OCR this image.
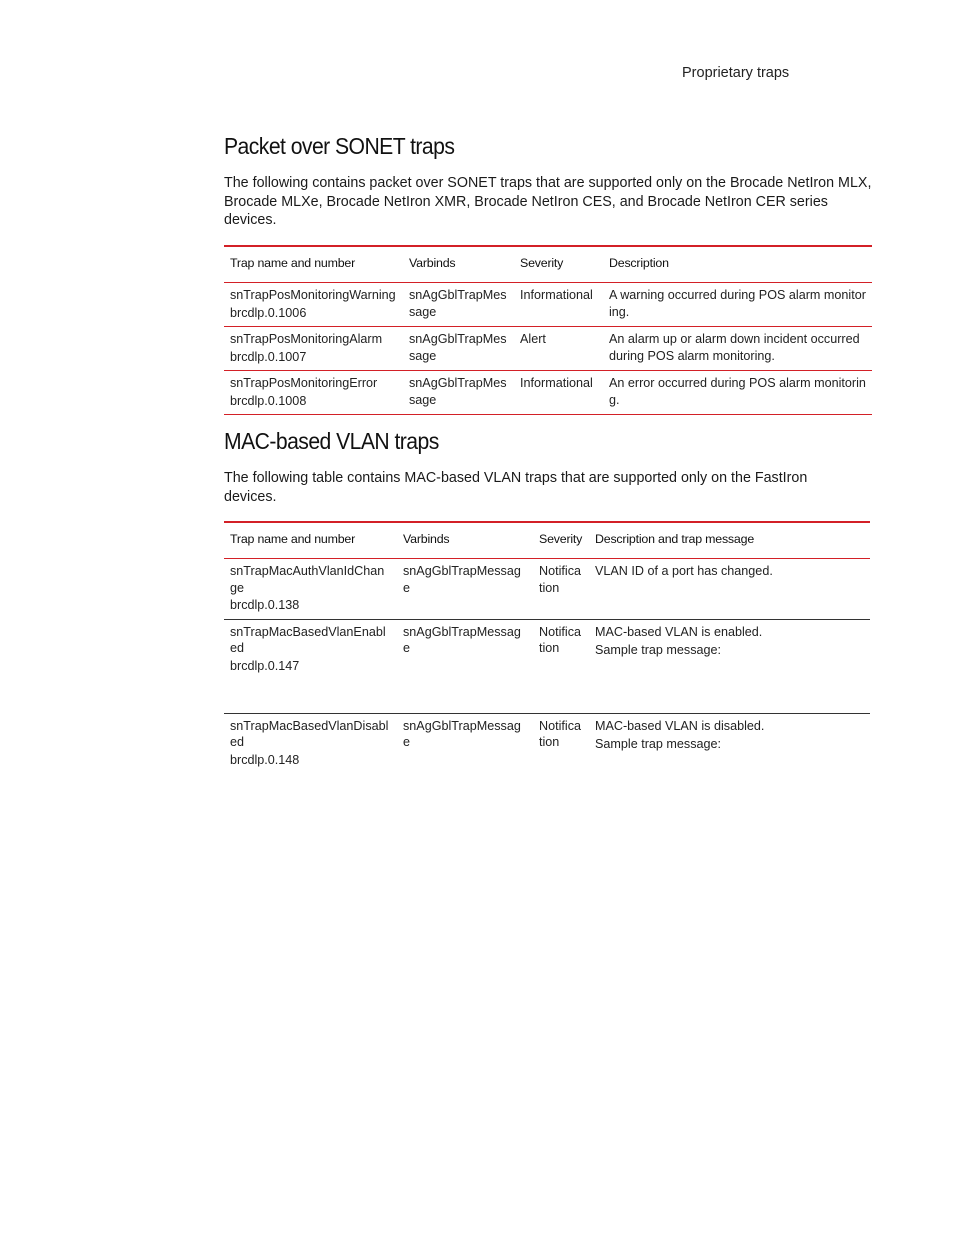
Proprietary traps
Packet over SONET traps

The following contains packet over SONET traps that are supported only on the Brocade NetIron MLX, Brocade MLXe, Brocade NetIron XMR, Brocade NetIron CES, and Brocade NetIron CER series devices.

Trap name and number	Varbinds	Severity	Description
snTrapPosMonitoringWarning
brcdlp.0.1006	snAgGblTrapMessage	Informational	A warning occurred during POS alarm monitoring.

snTrapPosMonitoringAlarm
brcdlp.0.1007	snAgGblTrapMessage	Alert	An alarm up or alarm down incident occurred during POS alarm monitoring.

snTrapPosMonitoringError
brcdlp.0.1008	snAgGblTrapMessage	Informational	An error occurred during POS alarm monitoring.
MAC-based VLAN traps

The following table contains MAC-based VLAN traps that are supported only on the FastIron devices.

Trap name and number	Varbinds	Severity	Description and trap message
snTrapMacAuthVlanIdChange
brcdlp.0.138	snAgGblTrapMessage	Notification	VLAN ID of a port has changed.

snTrapMacBasedVlanEnabled
brcdlp.0.147	snAgGblTrapMessage	Notification	MAC-based VLAN is enabled.
Sample trap message:

snTrapMacBasedVlanDisabled
brcdlp.0.148	snAgGblTrapMessage	Notification	MAC-based VLAN is disabled.
Sample trap message:
